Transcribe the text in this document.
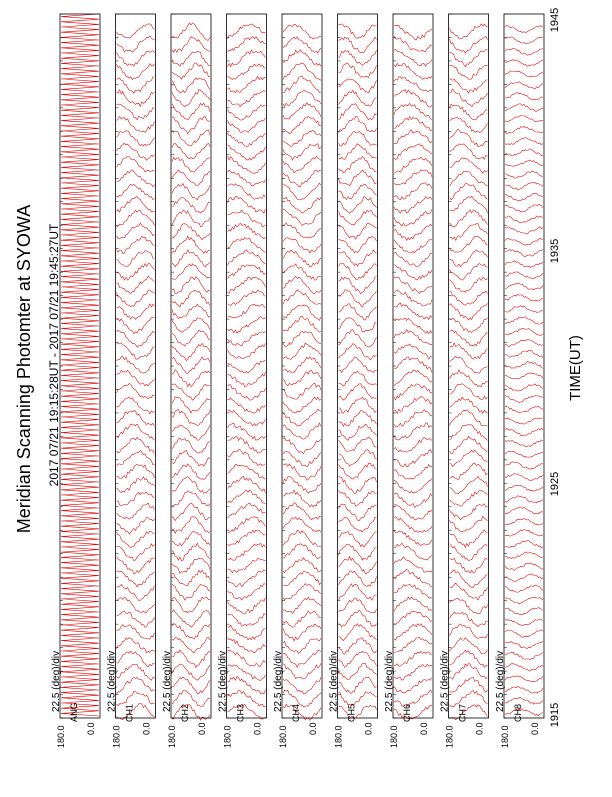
22.5 (deg)/div
180.0 0.0
ANG
22.5 (deg)/div
180.0 0.0
CH1
22.5 (deg)/div
180.0 0.0
CH2
22.5 (deg)/div
180.0 0.0
CH3
22.5 (deg)/div
180.0 0.0
CH4
22.5 (deg)/div
180.0 0.0
CH5
22.5 (deg)/div
180.0 0.0
CH6
22.5 (deg)/div
180.0 0.0
CH7
22.5 (deg)/div
180.0 0.0
CH8
Meridian Scanning Photomter at SYOWA 2017 07/21 19:15:28UT - 2017 07/21 19:45:27UT	TIME(UT)
1915
1925
1935
1945
